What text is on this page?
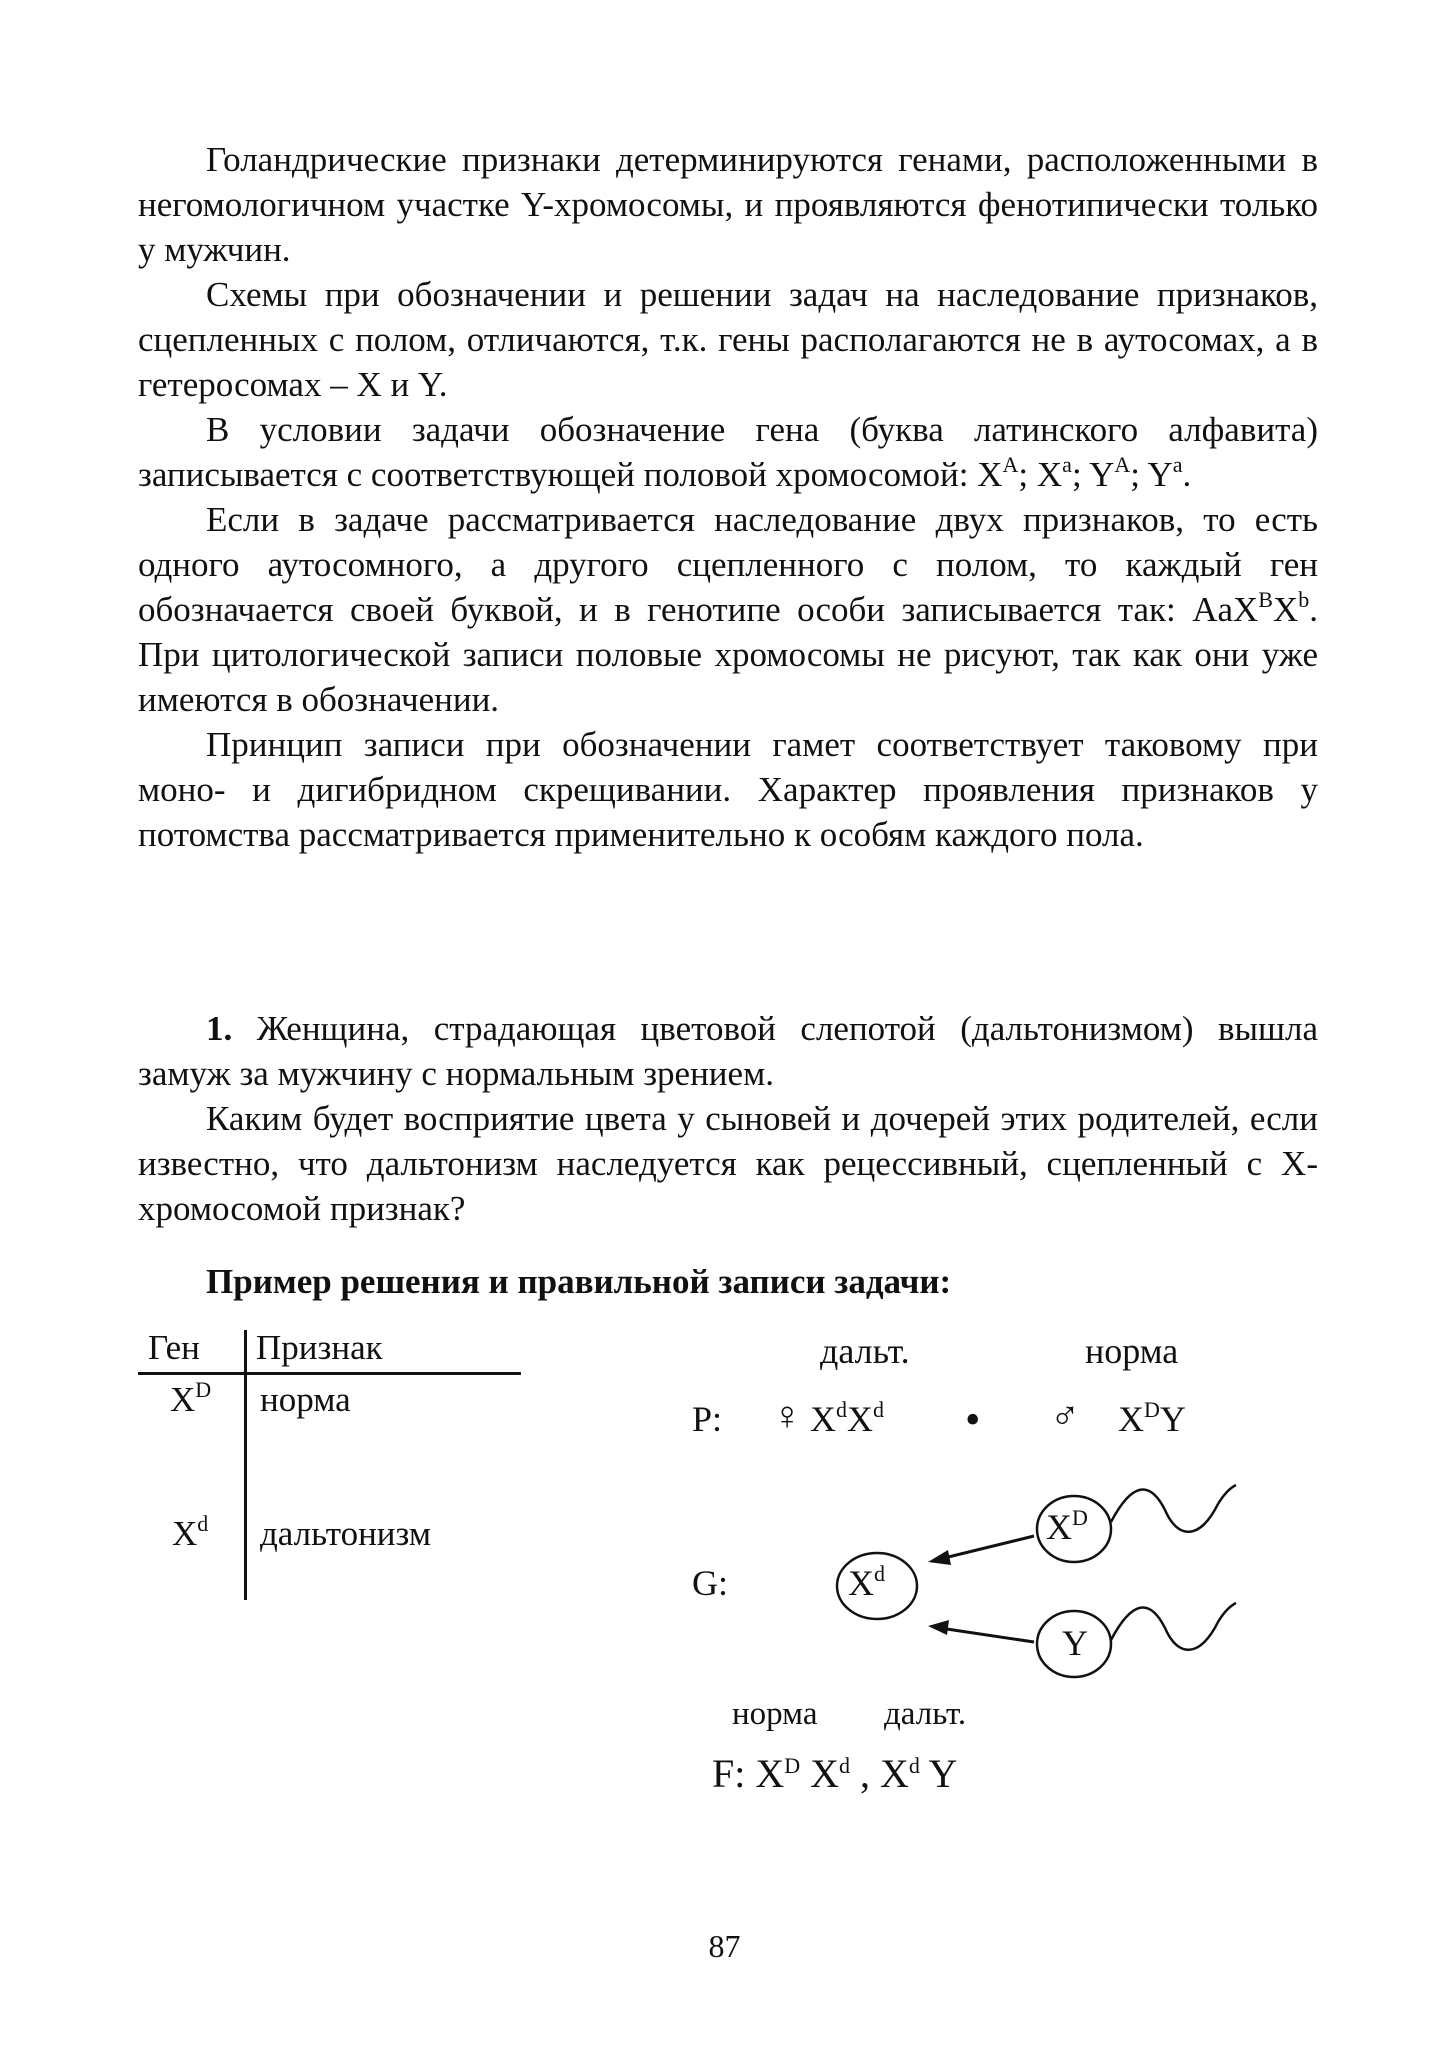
Голандрические признаки детерминируются генами, расположенными в негомологичном участке Y-хромосомы, и проявляются фенотипически только у мужчин.

Схемы при обозначении и решении задач на наследование признаков, сцепленных с полом, отличаются, т.к. гены располагаются не в аутосомах, а в гетеросомах – X и Y.

В условии задачи обозначение гена (буква латинского алфавита) записывается с соответствующей половой хромосомой: $X^A$; $X^a$; $Y^A$; $Y^a$.

Если в задаче рассматривается наследование двух признаков, то есть одного аутосомного, а другого сцепленного с полом, то каждый ген обозначается своей буквой, и в генотипе особи записывается так: $AaX^BX^b$. При цитологической записи половые хромосомы не рисуют, так как они уже имеются в обозначении.

Принцип записи при обозначении гамет соответствует таковому при моно- и дигибридном скрещивании. Характер проявления признаков у потомства рассматривается применительно к особям каждого пола.

1. Женщина, страдающая цветовой слепотой (дальтонизмом) вышла замуж за мужчину с нормальным зрением.

Каким будет восприятие цвета у сыновей и дочерей этих родителей, если известно, что дальтонизм наследуется как рецессивный, сцепленный с X-хромосомой признак?

Пример решения и правильной записи задачи:
Ген Признак
$X^D$ норма
$X^d$ дальтонизм
дальт.	норма
P: ♀ $X^dX^d$ • ♂ $X^DY$
G:	$X^d$
$X^D$
Y
норма дальт.
F: $X^D$ $X^d$ , $X^d$ Y
87
